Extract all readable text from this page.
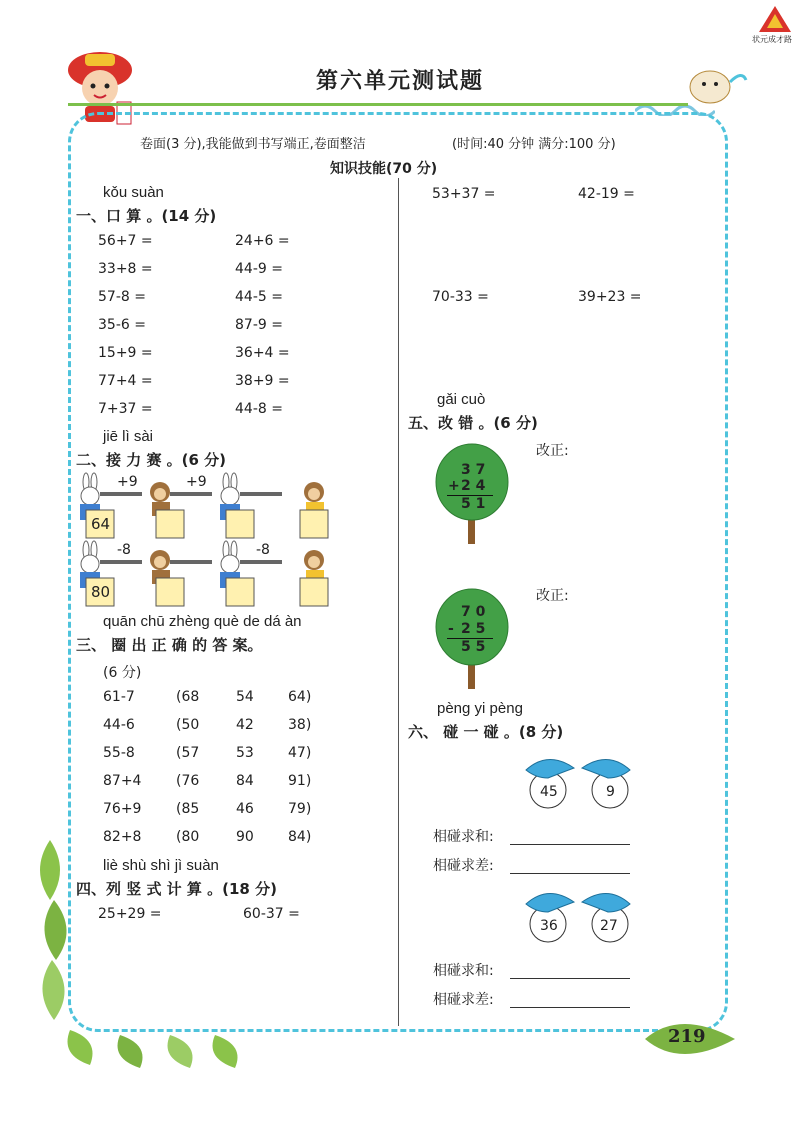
状元成才路
第六单元测试题
卷面(3 分),我能做到书写端正,卷面整洁	(时间:40 分钟 满分:100 分)
知识技能(70 分)
kǒu suàn
一、口 算 。(14 分)
56+7 =	24+6 =
33+8 =	44-9 =
57-8 =	44-5 =
35-6 =	87-9 =
15+9 =	36+4 =
77+4 =	38+9 =
7+37 =	44-8 =
jiē lì sài
二、接 力 赛 。(6 分)
+9	+9
64
-8	-8
80
quān chū zhèng què de dá àn
三、 圈 出 正 确 的 答 案。
(6 分)
61-7	(68	54 64)
44-6	(50	42 38)
55-8	(57	53 47)
87+4 (76	84 91)
76+9 (85	46 79)
82+8 (80	90 84)
liè shù shì jì suàn
四、列 竖 式 计 算 。(18 分)
25+29 =	60-37 =
53+37 =	42-19 =
70-33 =	39+23 =
gǎi cuò
五、改 错 。(6 分)
3 7
+ 2 4
5 1
改正:
7 0
- 2 5
5 5
改正:
pèng yi pèng
六、 碰 一 碰 。(8 分)
45	9
相碰求和:
相碰求差:
36	27
相碰求和:
相碰求差:
219
